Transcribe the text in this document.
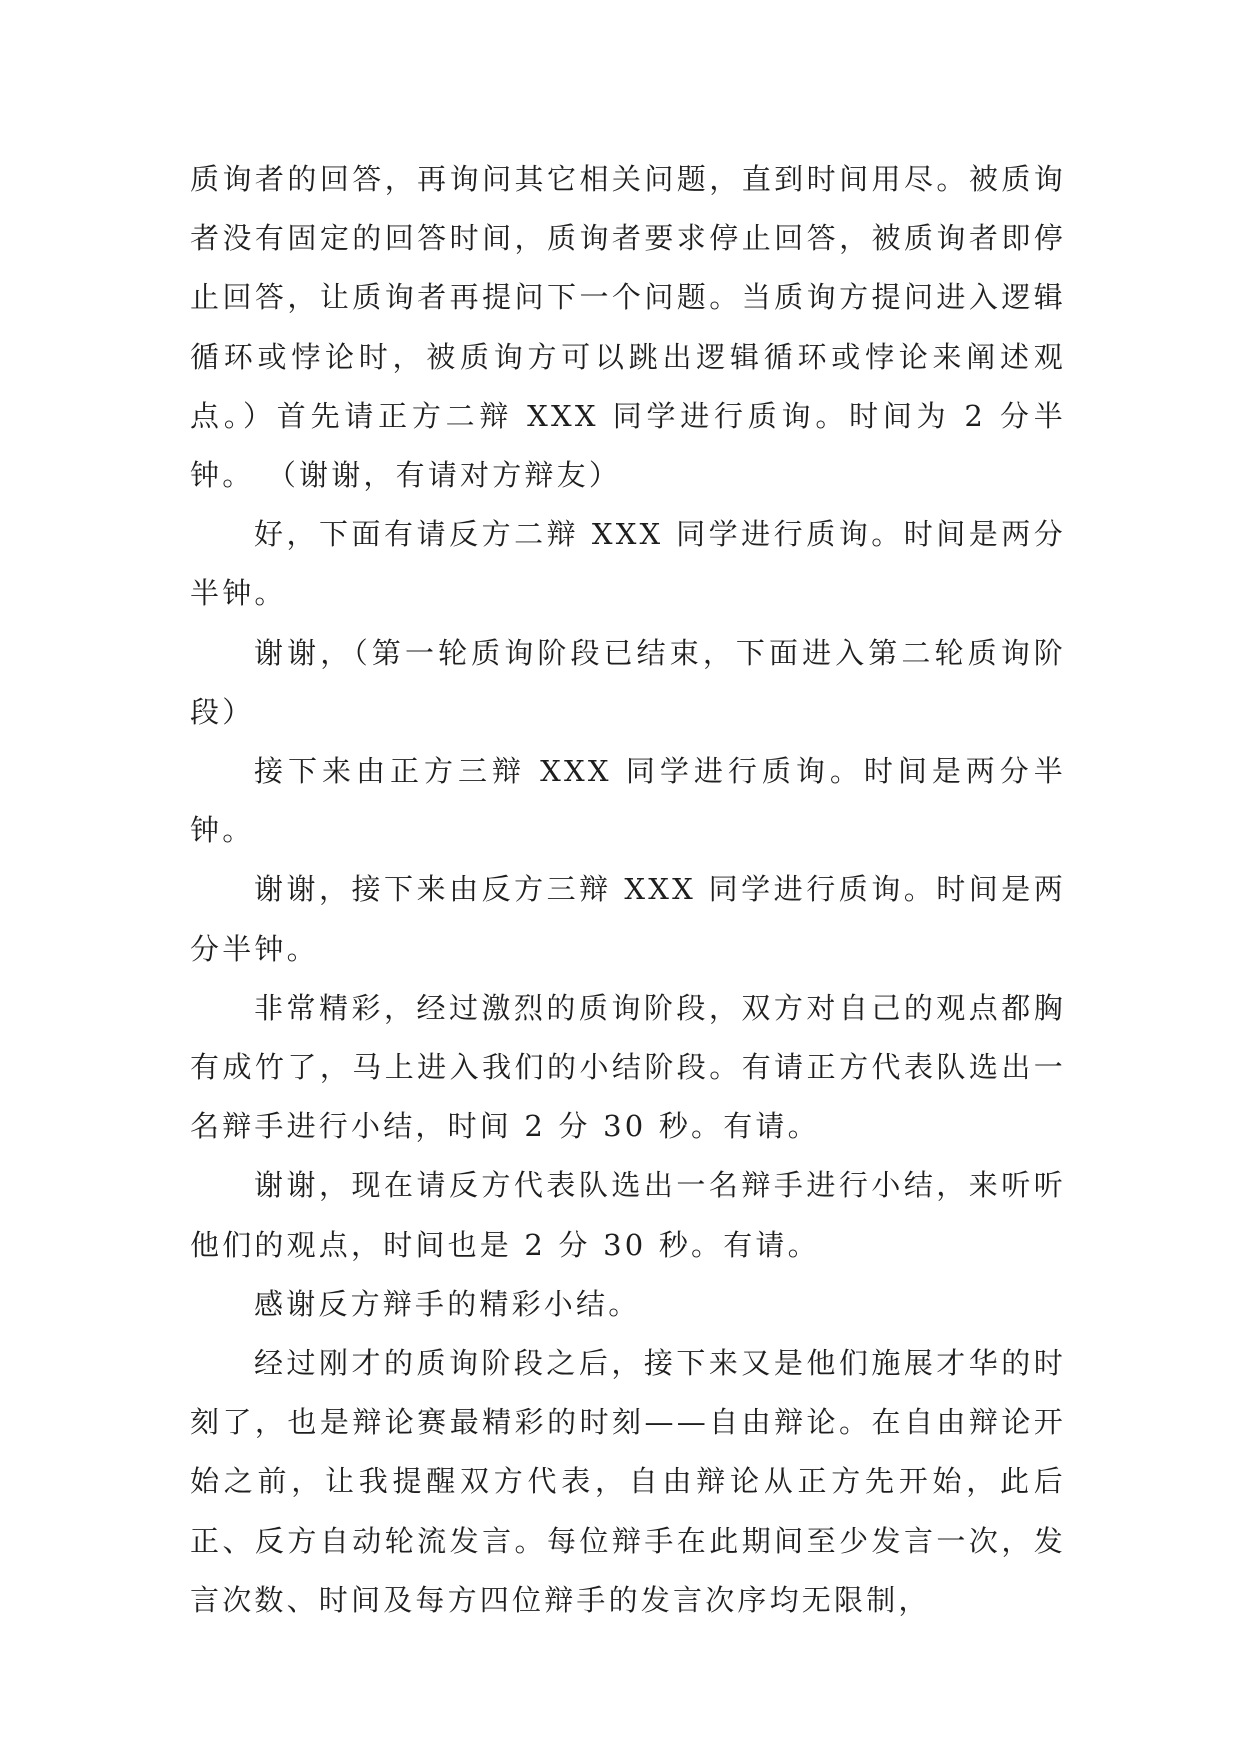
质询者的回答，再询问其它相关问题，直到时间用尽。被质询者没有固定的回答时间，质询者要求停止回答，被质询者即停止回答，让质询者再提问下一个问题。当质询方提问进入逻辑循环或悖论时，被质询方可以跳出逻辑循环或悖论来阐述观点。）首先请正方二辩 XXX 同学进行质询。时间为 2 分半钟。 （谢谢，有请对方辩友）

好，下面有请反方二辩 XXX 同学进行质询。时间是两分半钟。

谢谢，（第一轮质询阶段已结束，下面进入第二轮质询阶段）

接下来由正方三辩 XXX 同学进行质询。时间是两分半钟。

谢谢，接下来由反方三辩 XXX 同学进行质询。时间是两分半钟。

非常精彩，经过激烈的质询阶段，双方对自己的观点都胸有成竹了，马上进入我们的小结阶段。有请正方代表队选出一名辩手进行小结，时间 2 分 30 秒。有请。

谢谢，现在请反方代表队选出一名辩手进行小结，来听听他们的观点，时间也是 2 分 30 秒。有请。

感谢反方辩手的精彩小结。

经过刚才的质询阶段之后，接下来又是他们施展才华的时刻了，也是辩论赛最精彩的时刻——自由辩论。在自由辩论开始之前，让我提醒双方代表，自由辩论从正方先开始，此后正、反方自动轮流发言。每位辩手在此期间至少发言一次，发言次数、时间及每方四位辩手的发言次序均无限制，
